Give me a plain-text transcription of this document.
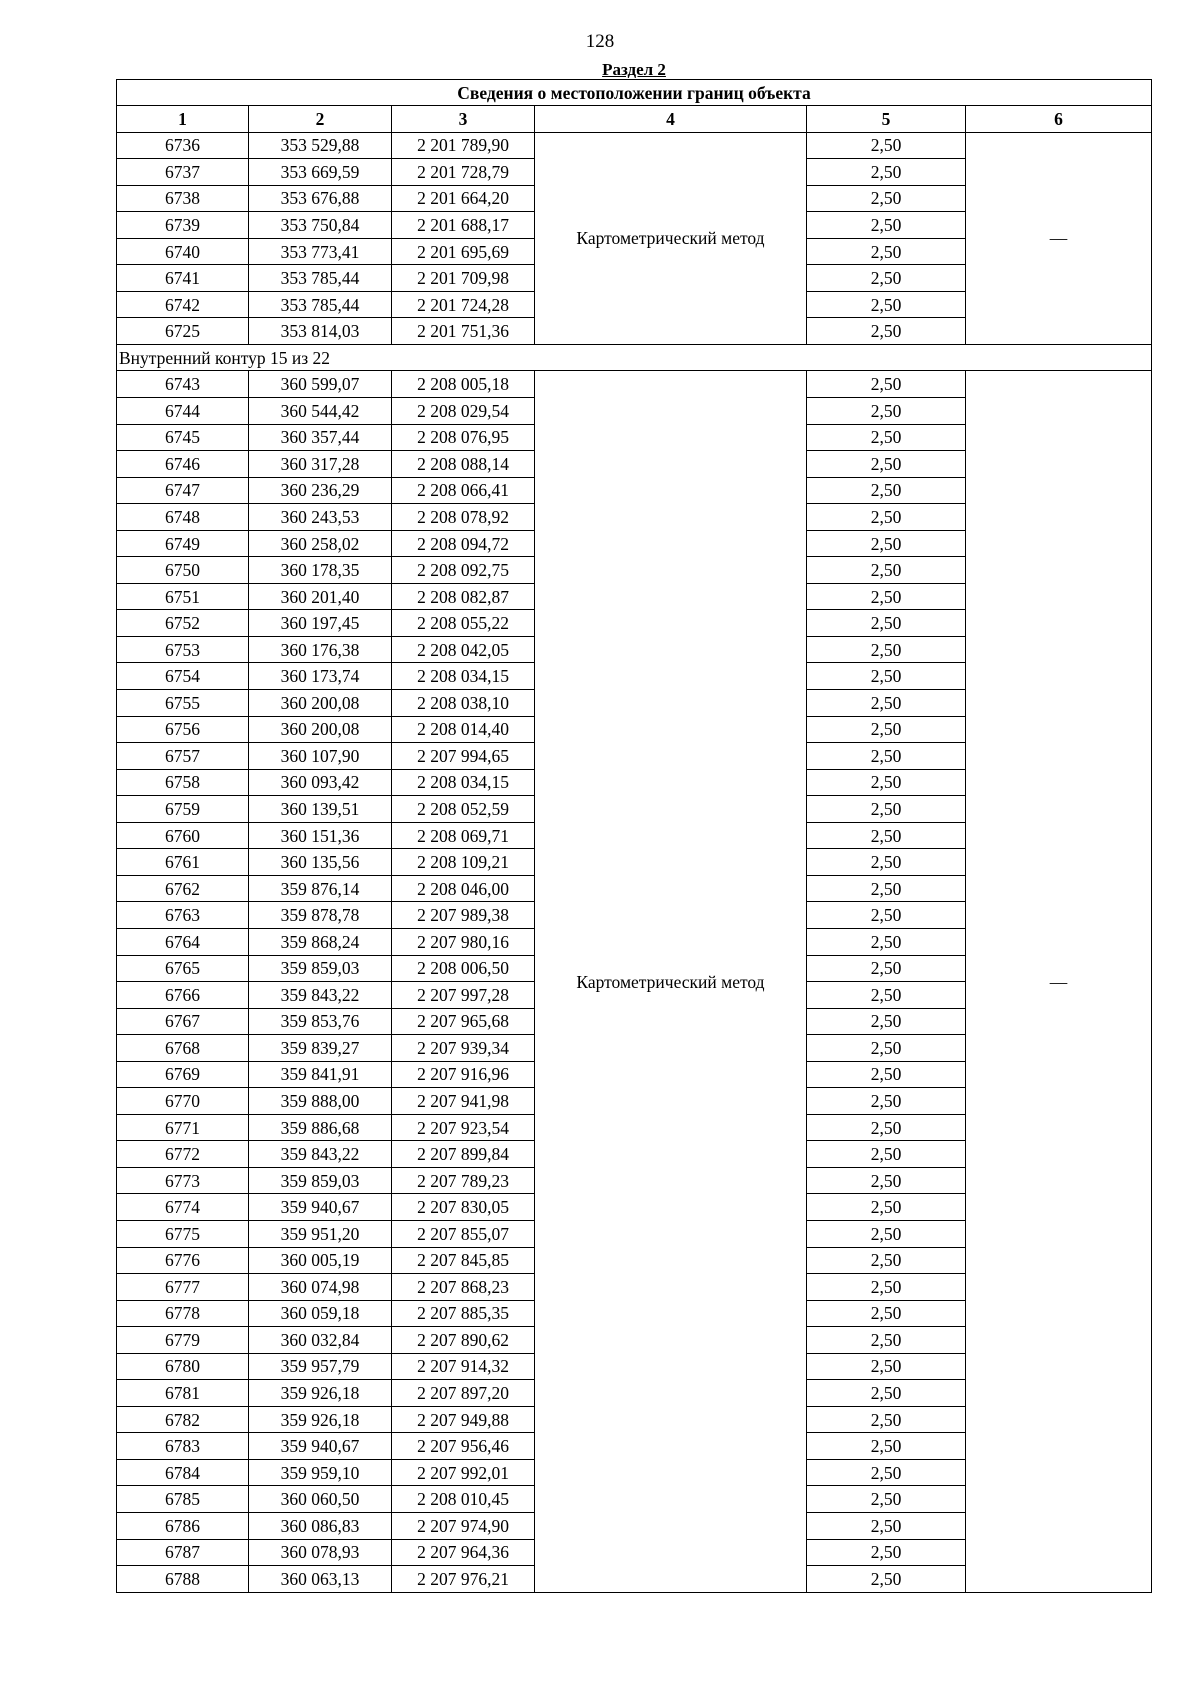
128
Раздел 2
Сведения о местоположении границ объекта					
1	2	3	4	5	6
6736	353 529,88	2 201 789,90	Картометрический метод	2,50	—
6737	353 669,59	2 201 728,79		2,50	
6738	353 676,88	2 201 664,20		2,50	
6739	353 750,84	2 201 688,17		2,50	
6740	353 773,41	2 201 695,69		2,50	
6741	353 785,44	2 201 709,98		2,50	
6742	353 785,44	2 201 724,28		2,50	
6725	353 814,03	2 201 751,36		2,50	
Внутренний контур 15 из 22					
6743	360 599,07	2 208 005,18	Картометрический метод	2,50	—
6744	360 544,42	2 208 029,54		2,50	
6745	360 357,44	2 208 076,95		2,50	
6746	360 317,28	2 208 088,14		2,50	
6747	360 236,29	2 208 066,41		2,50	
6748	360 243,53	2 208 078,92		2,50	
6749	360 258,02	2 208 094,72		2,50	
6750	360 178,35	2 208 092,75		2,50	
6751	360 201,40	2 208 082,87		2,50	
6752	360 197,45	2 208 055,22		2,50	
6753	360 176,38	2 208 042,05		2,50	
6754	360 173,74	2 208 034,15		2,50	
6755	360 200,08	2 208 038,10		2,50	
6756	360 200,08	2 208 014,40		2,50	
6757	360 107,90	2 207 994,65		2,50	
6758	360 093,42	2 208 034,15		2,50	
6759	360 139,51	2 208 052,59		2,50	
6760	360 151,36	2 208 069,71		2,50	
6761	360 135,56	2 208 109,21		2,50	
6762	359 876,14	2 208 046,00		2,50	
6763	359 878,78	2 207 989,38		2,50	
6764	359 868,24	2 207 980,16		2,50	
6765	359 859,03	2 208 006,50		2,50	
6766	359 843,22	2 207 997,28		2,50	
6767	359 853,76	2 207 965,68		2,50	
6768	359 839,27	2 207 939,34		2,50	
6769	359 841,91	2 207 916,96		2,50	
6770	359 888,00	2 207 941,98		2,50	
6771	359 886,68	2 207 923,54		2,50	
6772	359 843,22	2 207 899,84		2,50	
6773	359 859,03	2 207 789,23		2,50	
6774	359 940,67	2 207 830,05		2,50	
6775	359 951,20	2 207 855,07		2,50	
6776	360 005,19	2 207 845,85		2,50	
6777	360 074,98	2 207 868,23		2,50	
6778	360 059,18	2 207 885,35		2,50	
6779	360 032,84	2 207 890,62		2,50	
6780	359 957,79	2 207 914,32		2,50	
6781	359 926,18	2 207 897,20		2,50	
6782	359 926,18	2 207 949,88		2,50	
6783	359 940,67	2 207 956,46		2,50	
6784	359 959,10	2 207 992,01		2,50	
6785	360 060,50	2 208 010,45		2,50	
6786	360 086,83	2 207 974,90		2,50	
6787	360 078,93	2 207 964,36		2,50	
6788	360 063,13	2 207 976,21		2,50	
